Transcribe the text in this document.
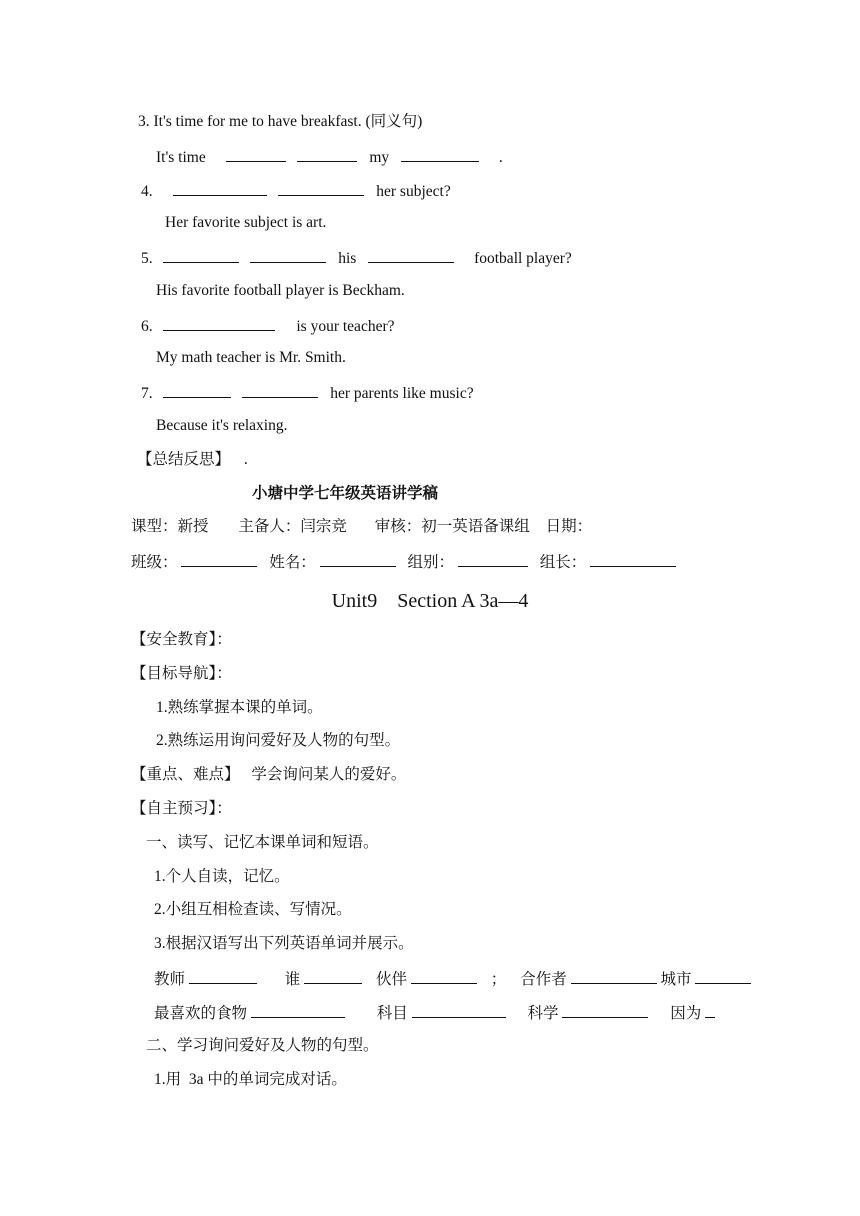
3. It's time for me to have breakfast. (同义句)
It's time	my	.
4.	her subject?
Her favorite subject is art.
5.	his	football player?
His favorite football player is Beckham.
6.	is your teacher?
My math teacher is Mr. Smith.
7.	her parents like music?
Because it's relaxing.
【总结反思】 .
小塘中学七年级英语讲学稿
课型：新授 主备人：闫宗竞 审核：初一英语备课组 日期：
班级：	姓名：	组别：	组长：
Unit9    Section A 3a—4
【安全教育】：
【目标导航】：
1.熟练掌握本课的单词。
2.熟练运用询问爱好及人物的句型。
【重点、难点】 学会询问某人的爱好。
【自主预习】：
一、读写、记忆本课单词和短语。
1.个人自读，记忆。
2.小组互相检查读、写情况。
3.根据汉语写出下列英语单词并展示。
教师	谁	伙伴	； 合作者	城市
最喜欢的食物	科目	科学	因为
二、学习询问爱好及人物的句型。
1.用  3a 中的单词完成对话。
